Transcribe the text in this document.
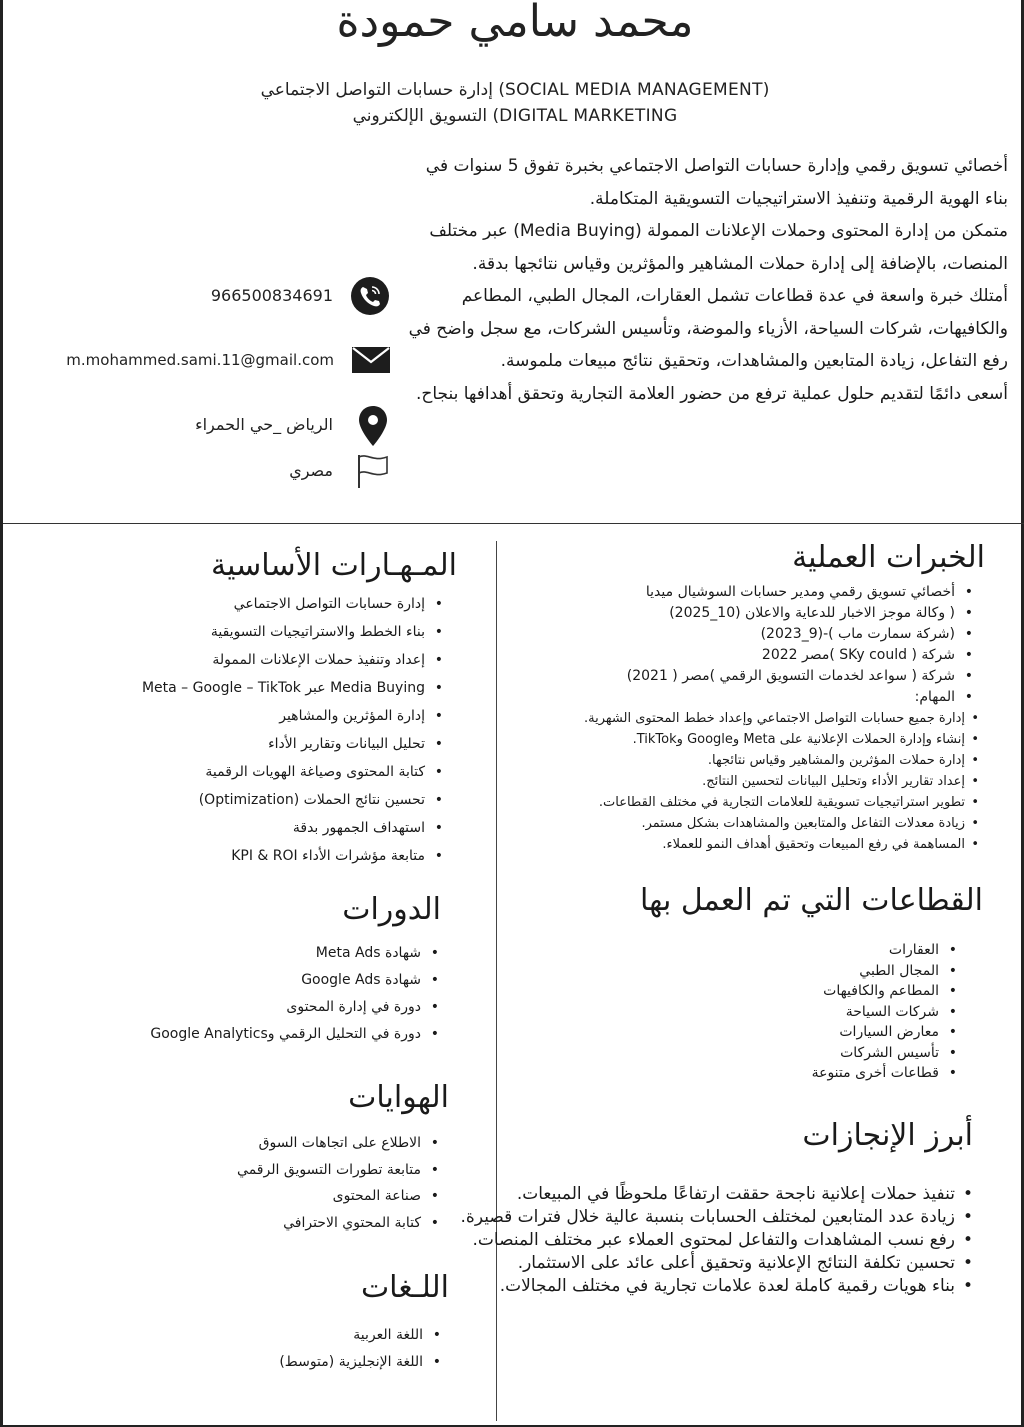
محمد سامي حمودة
إدارة حسابات التواصل الاجتماعي (SOCIAL MEDIA MANAGEMENT)
التسويق الإلكتروني (DIGITAL MARKETING

أخصائي تسويق رقمي وإدارة حسابات التواصل الاجتماعي بخبرة تفوق 5 سنوات في بناء الهوية الرقمية وتنفيذ الاستراتيجيات التسويقية المتكاملة.

متمكن من إدارة المحتوى وحملات الإعلانات الممولة (Media Buying) عبر مختلف المنصات، بالإضافة إلى إدارة حملات المشاهير والمؤثرين وقياس نتائجها بدقة.

أمتلك خبرة واسعة في عدة قطاعات تشمل العقارات، المجال الطبي، المطاعم والكافيهات، شركات السياحة، الأزياء والموضة، وتأسيس الشركات، مع سجل واضح في رفع التفاعل، زيادة المتابعين والمشاهدات، وتحقيق نتائج مبيعات ملموسة.

أسعى دائمًا لتقديم حلول عملية ترفع من حضور العلامة التجارية وتحقق أهدافها بنجاح.

966500834691
m.mohammed.sami.11@gmail.com
الرياض _حي الحمراء
مصري
الخبرات العملية
• أخصائي تسويق رقمي ومدير حسابات السوشيال ميديا
• ( وكالة موجز الاخبار للدعاية والاعلان (10_2025)
• (شركة سمارت ماب )-(9_2023)
• شركة ( SKy could )مصر 2022
• شركة ( سواعد لخدمات التسويق الرقمي )مصر ( 2021)
• المهام:
• إدارة جميع حسابات التواصل الاجتماعي وإعداد خطط المحتوى الشهرية.
• إنشاء وإدارة الحملات الإعلانية على Meta وGoogle وTikTok.
• إدارة حملات المؤثرين والمشاهير وقياس نتائجها.
• إعداد تقارير الأداء وتحليل البيانات لتحسين النتائج.
• تطوير استراتيجيات تسويقية للعلامات التجارية في مختلف القطاعات.
• زيادة معدلات التفاعل والمتابعين والمشاهدات بشكل مستمر.
• المساهمة في رفع المبيعات وتحقيق أهداف النمو للعملاء.
القطاعات التي تم العمل بها
• العقارات
• المجال الطبي
• المطاعم والكافيهات
• شركات السياحة
• معارض السيارات
• تأسيس الشركات
• قطاعات أخرى متنوعة
أبرز الإنجازات
• تنفيذ حملات إعلانية ناجحة حققت ارتفاعًا ملحوظًا في المبيعات.
• زيادة عدد المتابعين لمختلف الحسابات بنسبة عالية خلال فترات قصيرة.
• رفع نسب المشاهدات والتفاعل لمحتوى العملاء عبر مختلف المنصات.
• تحسين تكلفة النتائج الإعلانية وتحقيق أعلى عائد على الاستثمار.
• بناء هويات رقمية كاملة لعدة علامات تجارية في مختلف المجالات.
المـهـارات الأساسية
• إدارة حسابات التواصل الاجتماعي
• بناء الخطط والاستراتيجيات التسويقية
• إعداد وتنفيذ حملات الإعلانات الممولة
• Media Buying عبر Meta – Google – TikTok
• إدارة المؤثرين والمشاهير
• تحليل البيانات وتقارير الأداء
• كتابة المحتوى وصياغة الهويات الرقمية
• تحسين نتائج الحملات (Optimization)
• استهداف الجمهور بدقة
• متابعة مؤشرات الأداء KPI & ROI
الدورات
• شهادة Meta Ads
• شهادة Google Ads
• دورة في إدارة المحتوى
• دورة في التحليل الرقمي وGoogle Analytics
الهوايات
• الاطلاع على اتجاهات السوق
• متابعة تطورات التسويق الرقمي
• صناعة المحتوى
• كتابة المحتوي الاحترافي
اللـغات
• اللغة العربية
• اللغة الإنجليزية (متوسط)
